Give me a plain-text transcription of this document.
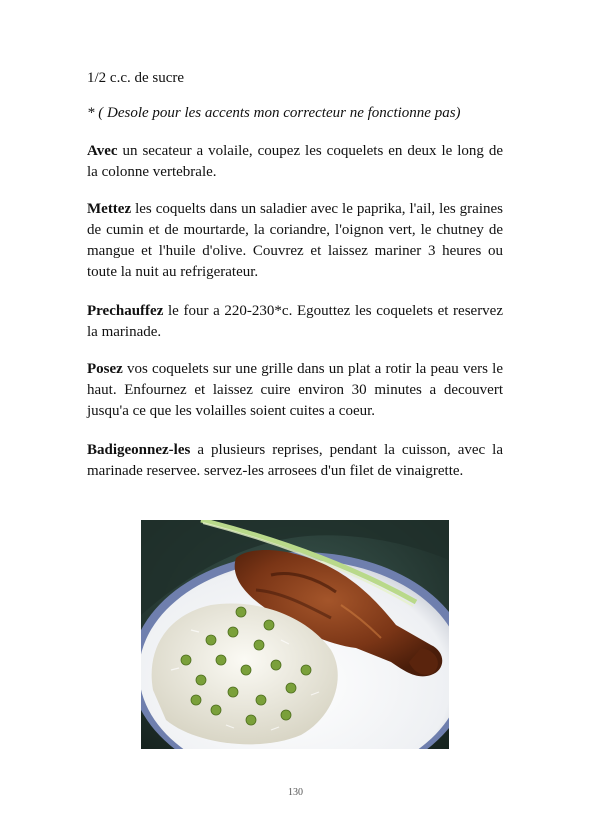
1/2 c.c. de sucre
* ( Desole pour les accents mon correcteur ne fonctionne pas)
Avec un secateur a volaile, coupez les coquelets en deux le long de la colonne vertebrale.
Mettez les coquelts dans un saladier avec le paprika, l'ail, les graines de cumin et de mourtarde, la coriandre, l'oignon vert, le chutney de mangue et l'huile d'olive. Couvrez et laissez mariner 3 heures ou toute la nuit au refrigerateur.
Prechauffez le four a 220-230*c. Egouttez les coquelets et reservez la marinade.
Posez vos coquelets sur une grille dans un plat a rotir la peau vers le haut. Enfournez et laissez cuire environ 30 minutes a decouvert jusqu'a ce que les volailles soient cuites a coeur.
Badigeonnez-les a plusieurs reprises, pendant la cuisson, avec la marinade reservee. servez-les arrosees d'un filet de vinaigrette.
130
